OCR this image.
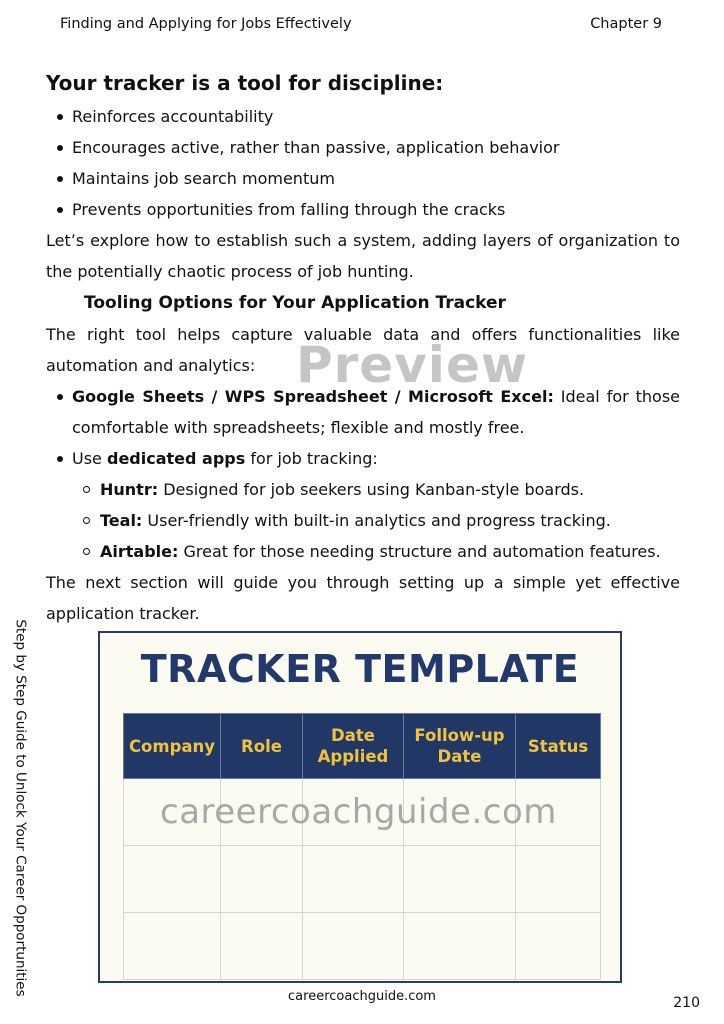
Finding and Applying for Jobs Effectively	Chapter 9
Step by Step Guide to Unlock Your Career Opportunities
Your tracker is a tool for discipline:
Reinforces accountability
Encourages active, rather than passive, application behavior
Maintains job search momentum
Prevents opportunities from falling through the cracks

Let’s explore how to establish such a system, adding layers of organization to the potentially chaotic process of job hunting.

Tooling Options for Your Application Tracker

The right tool helps capture valuable data and offers functionalities like automation and analytics:

Google Sheets / WPS Spreadsheet / Microsoft Excel: Ideal for those comfortable with spreadsheets; flexible and mostly free.
Use dedicated apps for job tracking:
Huntr: Designed for job seekers using Kanban-style boards.
Teal: User-friendly with built-in analytics and progress tracking.
Airtable: Great for those needing structure and automation features.

The next section will guide you through setting up a simple yet effective application tracker.

Preview
TRACKER TEMPLATE
Company	Role	Date Applied	Follow-up Date	Status

careercoachguide.com
careercoachguide.com	210
